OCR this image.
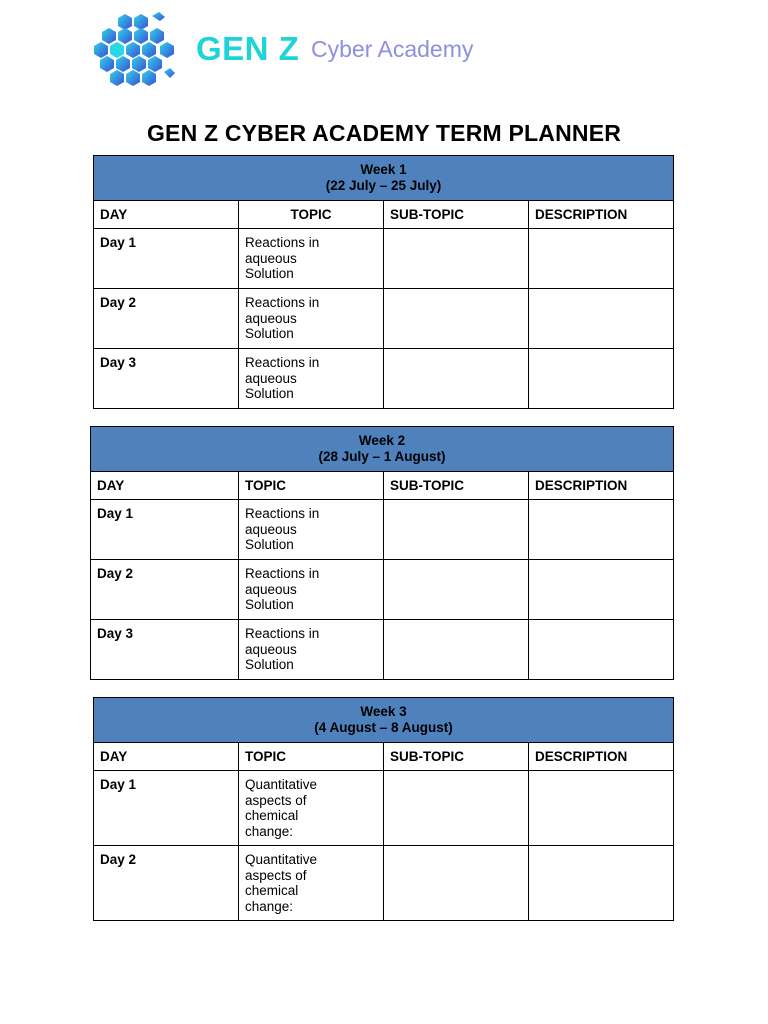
GEN Z Cyber Academy
GEN Z CYBER ACADEMY TERM PLANNER
Week 1
(22 July – 25 July)			

DAY	TOPIC	SUB-TOPIC	DESCRIPTION
Day 1	Reactions in aqueous Solution		

Day 2	Reactions in aqueous Solution		

Day 3	Reactions in aqueous Solution		

Week 2
(28 July – 1 August)			

DAY	TOPIC	SUB-TOPIC	DESCRIPTION
Day 1	Reactions in aqueous Solution		

Day 2	Reactions in aqueous Solution		

Day 3	Reactions in aqueous Solution		

Week 3
(4 August – 8 August)			

DAY	TOPIC	SUB-TOPIC	DESCRIPTION
Day 1	Quantitative aspects of chemical change:		

Day 2	Quantitative aspects of chemical change:		
